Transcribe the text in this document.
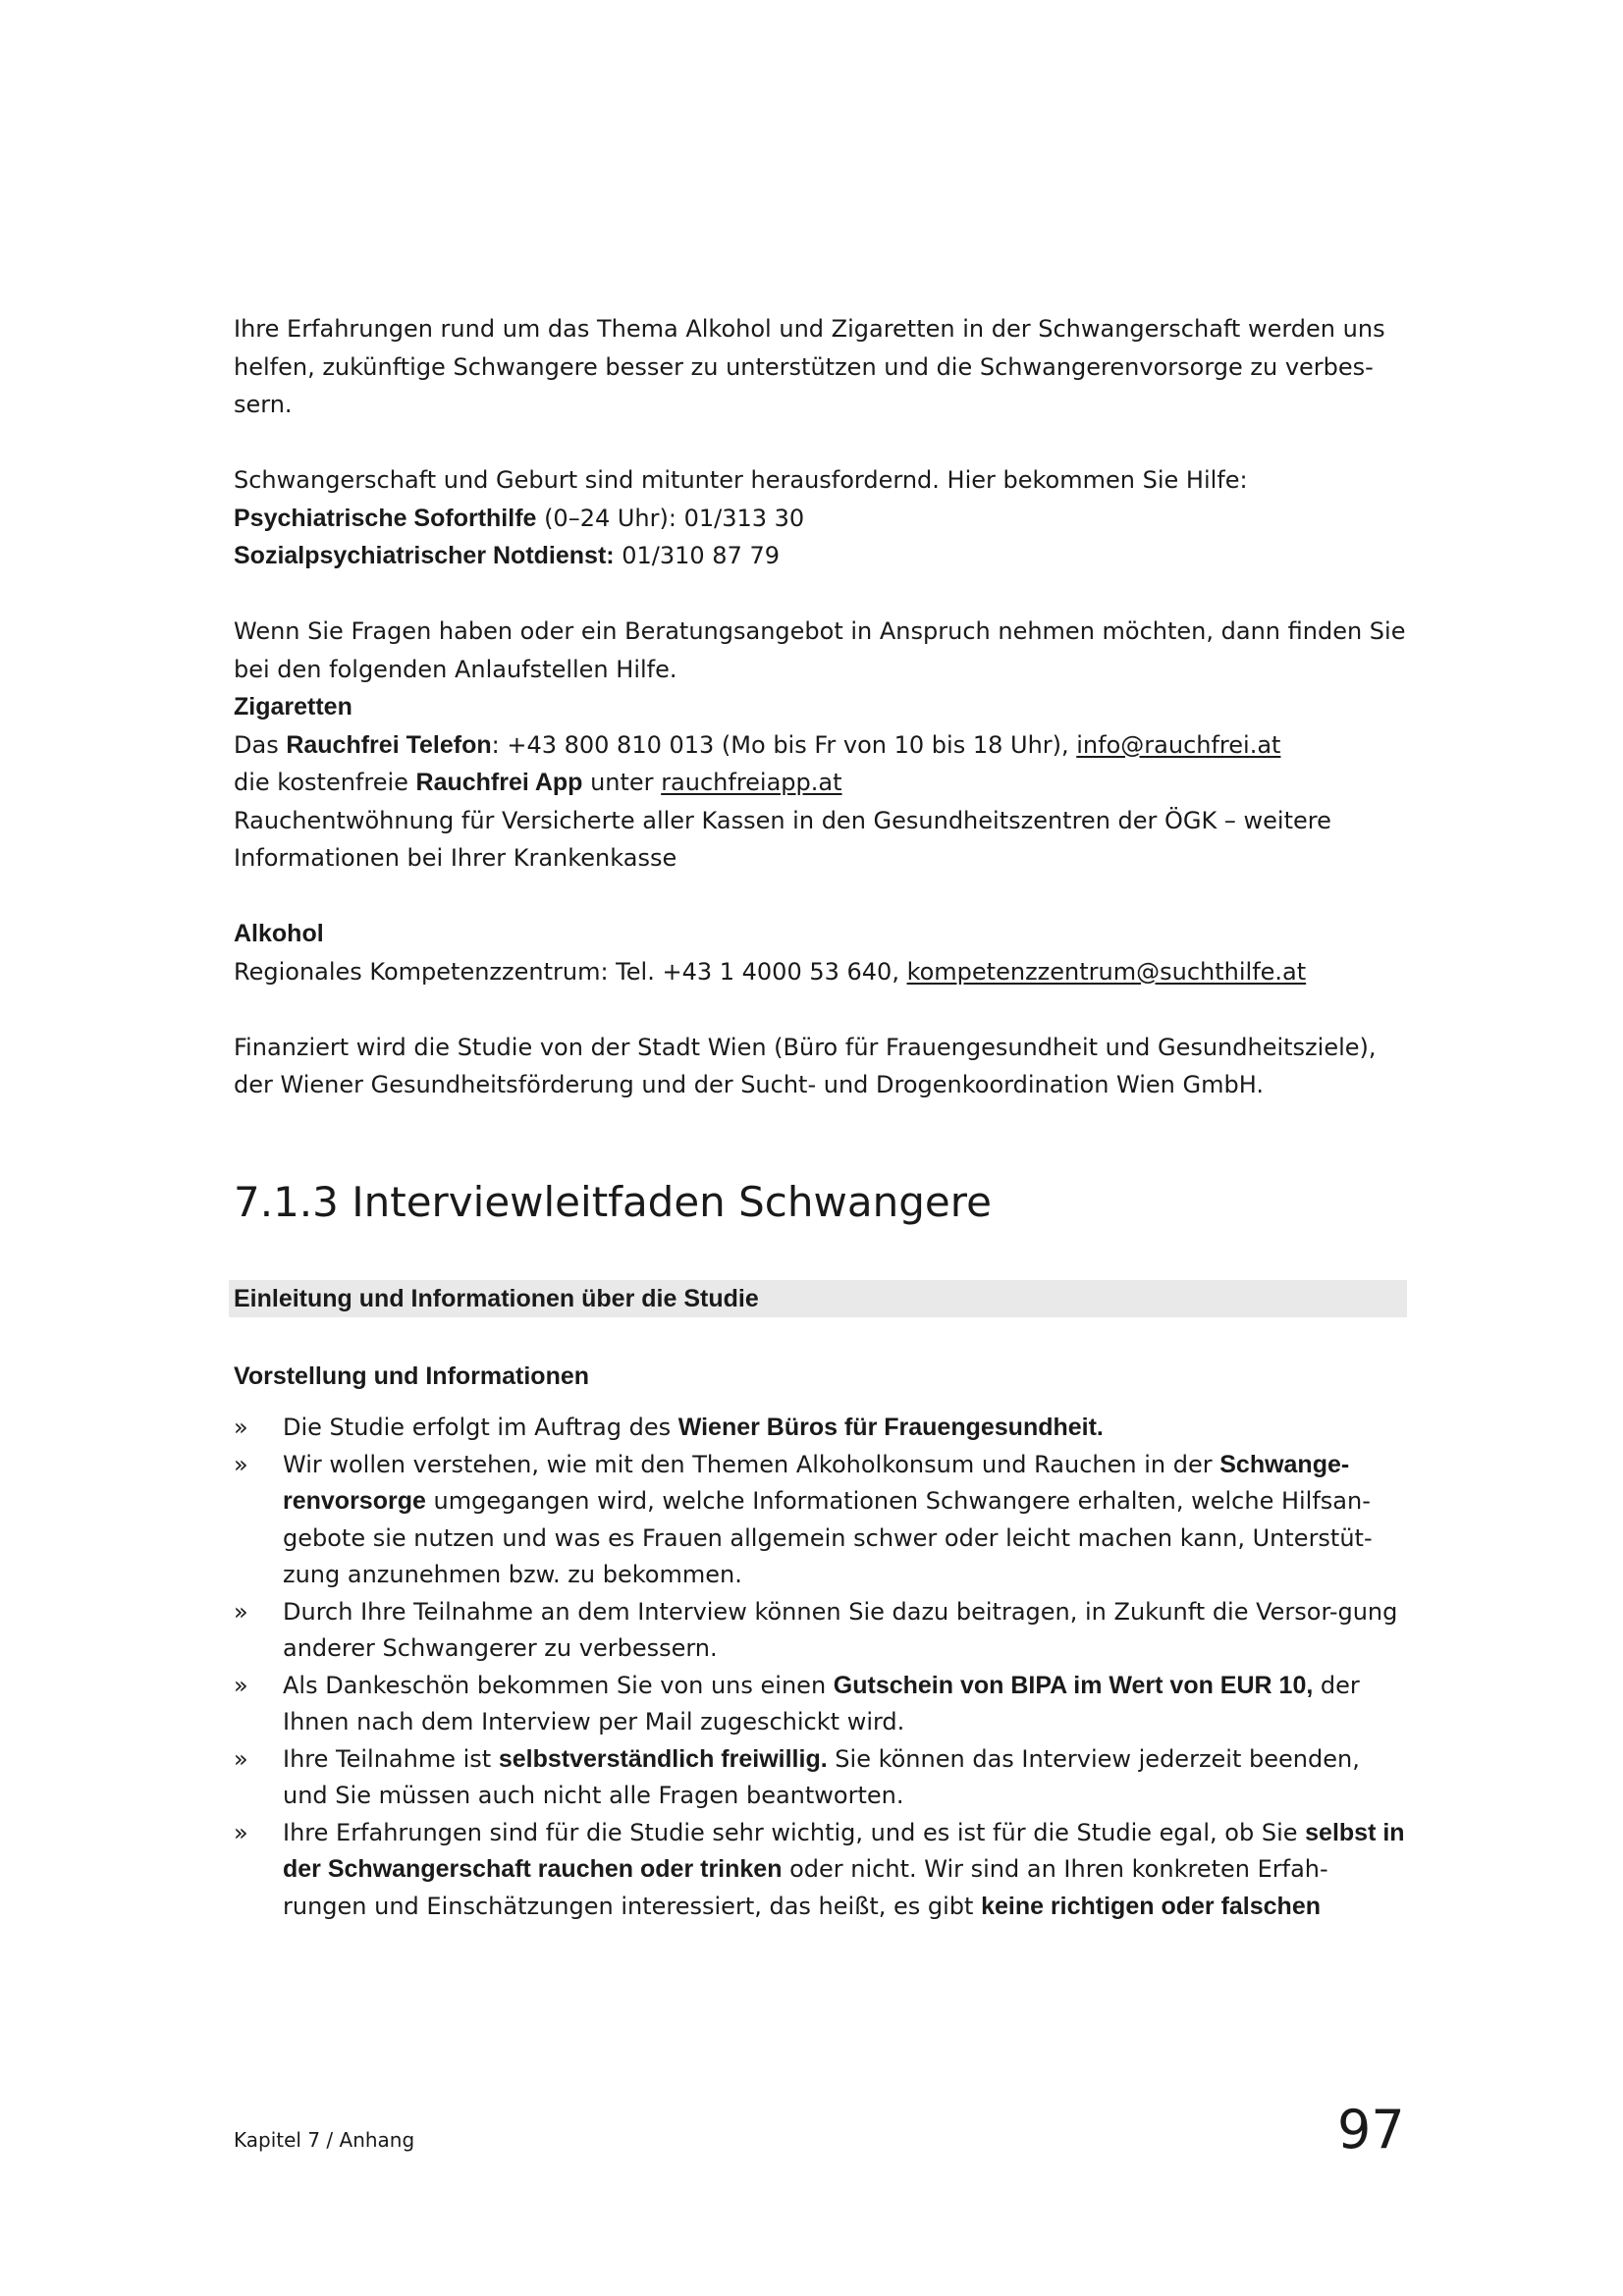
Ihre Erfahrungen rund um das Thema Alkohol und Zigaretten in der Schwangerschaft werden uns helfen, zukünftige Schwangere besser zu unterstützen und die Schwangerenvorsorge zu verbes-sern.

Schwangerschaft und Geburt sind mitunter herausfordernd. Hier bekommen Sie Hilfe:

Psychiatrische Soforthilfe (0–24 Uhr): 01/313 30

Sozialpsychiatrischer Notdienst: 01/310 87 79

Wenn Sie Fragen haben oder ein Beratungsangebot in Anspruch nehmen möchten, dann finden Sie bei den folgenden Anlaufstellen Hilfe.

Zigaretten

Das Rauchfrei Telefon: +43 800 810 013 (Mo bis Fr von 10 bis 18 Uhr), info@rauchfrei.at

die kostenfreie Rauchfrei App unter rauchfreiapp.at

Rauchentwöhnung für Versicherte aller Kassen in den Gesundheitszentren der ÖGK – weitere Informationen bei Ihrer Krankenkasse

Alkohol

Regionales Kompetenzzentrum: Tel. +43 1 4000 53 640, kompetenzzentrum@suchthilfe.at

Finanziert wird die Studie von der Stadt Wien (Büro für Frauengesundheit und Gesundheitsziele), der Wiener Gesundheitsförderung und der Sucht- und Drogenkoordination Wien GmbH.

7.1.3 Interviewleitfaden Schwangere
Einleitung und Informationen über die Studie
Vorstellung und Informationen
» Die Studie erfolgt im Auftrag des Wiener Büros für Frauengesundheit.
» Wir wollen verstehen, wie mit den Themen Alkoholkonsum und Rauchen in der Schwange-renvorsorge umgegangen wird, welche Informationen Schwangere erhalten, welche Hilfsan-gebote sie nutzen und was es Frauen allgemein schwer oder leicht machen kann, Unterstüt-zung anzunehmen bzw. zu bekommen.
» Durch Ihre Teilnahme an dem Interview können Sie dazu beitragen, in Zukunft die Versor-gung anderer Schwangerer zu verbessern.
» Als Dankeschön bekommen Sie von uns einen Gutschein von BIPA im Wert von EUR 10, der Ihnen nach dem Interview per Mail zugeschickt wird.
» Ihre Teilnahme ist selbstverständlich freiwillig. Sie können das Interview jederzeit beenden, und Sie müssen auch nicht alle Fragen beantworten.
» Ihre Erfahrungen sind für die Studie sehr wichtig, und es ist für die Studie egal, ob Sie selbst in der Schwangerschaft rauchen oder trinken oder nicht. Wir sind an Ihren konkreten Erfah-rungen und Einschätzungen interessiert, das heißt, es gibt keine richtigen oder falschen
Kapitel 7 / Anhang	97
